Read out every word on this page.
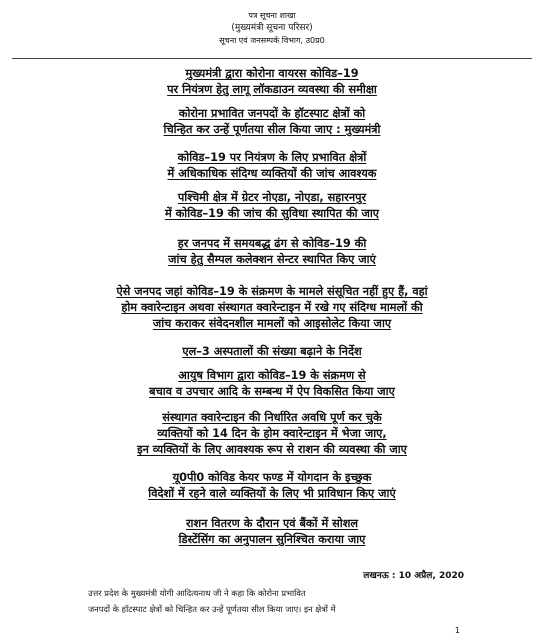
पत्र सूचना शाखा
(मुख्यमंत्री सूचना परिसर)
सूचना एवं जनसम्पर्क विभाग, उ0प्र0
मुख्यमंत्री द्वारा कोरोना वायरस कोविड–19
पर नियंत्रण हेतु लागू लॉकडाउन व्यवस्था की समीक्षा
कोरोना प्रभावित जनपदों के हॉटस्पाट क्षेत्रों को
चिन्हित कर उन्हें पूर्णतया सील किया जाए : मुख्यमंत्री
कोविड–19 पर नियंत्रण के लिए प्रभावित क्षेत्रों
में अधिकाधिक संदिग्ध व्यक्तियों की जांच आवश्यक
पश्चिमी क्षेत्र में ग्रेटर नोएडा, नोएडा, सहारनपुर
में कोविड–19 की जांच की सुविधा स्थापित की जाए
हर जनपद में समयबद्ध ढंग से कोविड–19 की
जांच हेतु सैम्पल कलेक्शन सेन्टर स्थापित किए जाएं
ऐसे जनपद जहां कोविड–19 के संक्रमण के मामले संसूचित नहीं हुए हैं, वहां
होम क्वारेन्टाइन अथवा संस्थागत क्वारेन्टाइन में रखे गए संदिग्ध मामलों की
जांच कराकर संवेदनशील मामलों को आइसोलेट किया जाए
एल–3 अस्पतालों की संख्या बढ़ाने के निर्देश
आयुष विभाग द्वारा कोविड–19 के संक्रमण से
बचाव व उपचार आदि के सम्बन्ध में ऐप विकसित किया जाए
संस्थागत क्वारेन्टाइन की निर्धारित अवधि पूर्ण कर चुके
व्यक्तियों को 14 दिन के होम क्वारेन्टाइन में भेजा जाए,
इन व्यक्तियों के लिए आवश्यक रूप से राशन की व्यवस्था की जाए
यू0पी0 कोविड केयर फण्ड में योगदान के इच्छुक
विदेशों में रहने वाले व्यक्तियों के लिए भी प्राविधान किए जाएं
राशन वितरण के दौरान एवं बैंकों में सोशल
डिस्टेंसिंग का अनुपालन सुनिश्चित कराया जाए
लखनऊ : 10 अप्रैल, 2020
उत्तर प्रदेश के मुख्यमंत्री योगी आदित्यनाथ जी ने कहा कि कोरोना प्रभावित
जनपदों के हॉटस्पाट क्षेत्रों को चिन्हित कर उन्हें पूर्णतया सील किया जाए। इन क्षेत्रों में
1
